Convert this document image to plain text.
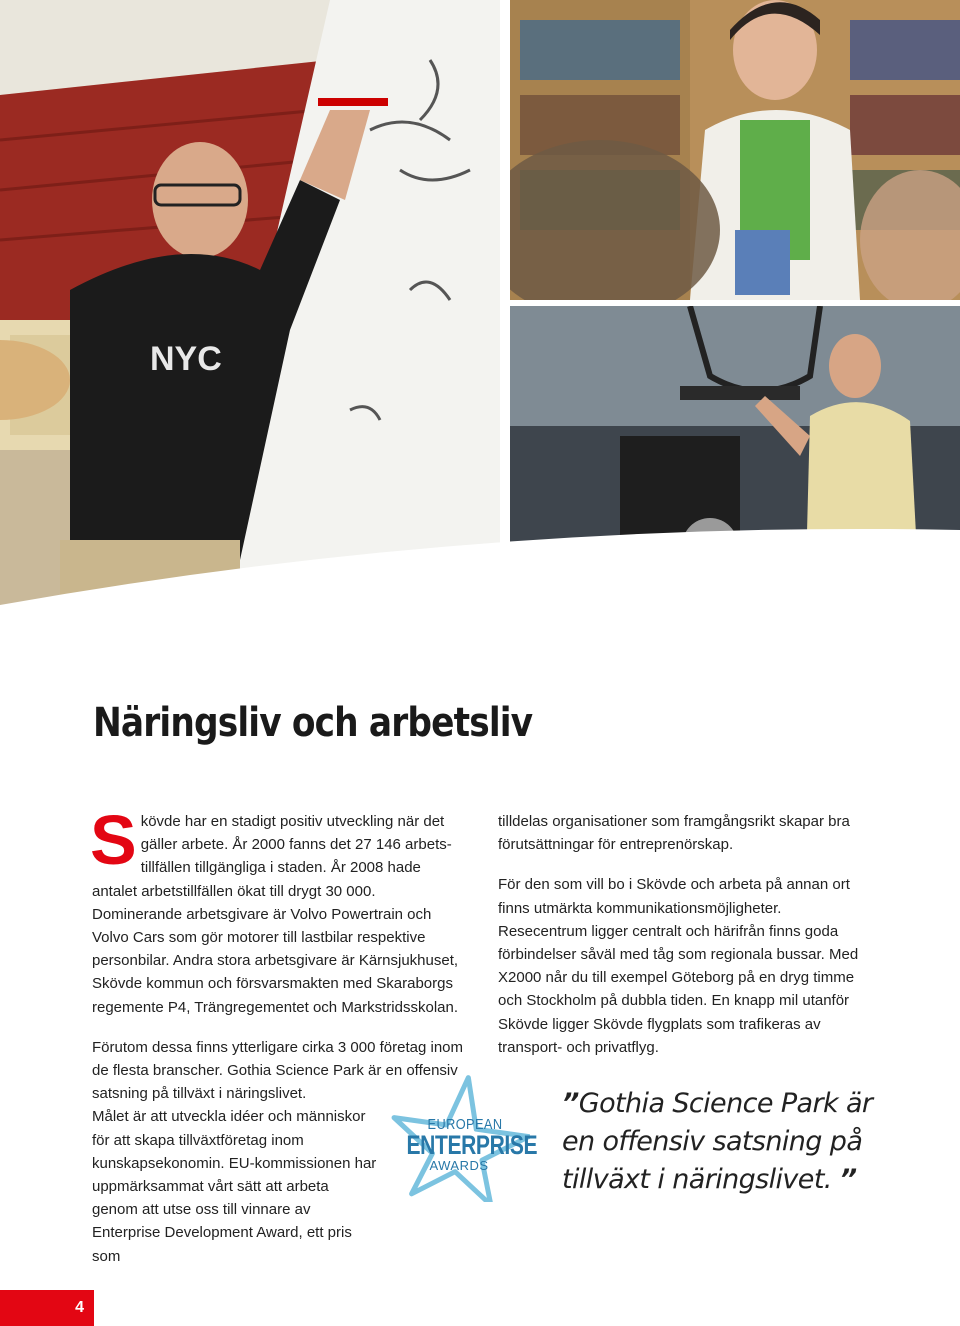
NYC
Näringsliv och arbetsliv

Skövde har en stadigt positiv utveckling när det gäller arbete. År 2000 fanns det 27 146 arbets-tillfällen tillgängliga i staden. År 2008 hade antalet arbetstillfällen ökat till drygt 30 000. Dominerande arbetsgivare är Volvo Powertrain och Volvo Cars som gör motorer till lastbilar respektive personbilar. Andra stora arbetsgivare är Kärnsjukhuset, Skövde kommun och försvarsmakten med Skaraborgs regemente P4, Trängregementet och Markstridsskolan.

Förutom dessa finns ytterligare cirka 3 000 företag inom de flesta branscher. Gothia Science Park är en offensiv satsning på tillväxt i näringslivet.

Målet är att utveckla idéer och människor för att skapa tillväxtföretag inom kunskapsekonomin. EU-kommissionen har uppmärksammat vårt sätt att arbeta genom att utse oss till vinnare av Enterprise Development Award, ett pris som

tilldelas organisationer som framgångsrikt skapar bra förutsättningar för entreprenörskap.

För den som vill bo i Skövde och arbeta på annan ort finns utmärkta kommunikationsmöjligheter. Resecentrum ligger centralt och härifrån finns goda förbindelser såväl med tåg som regionala bussar. Med X2000 når du till exempel Göteborg på en dryg timme och Stockholm på dubbla tiden. En knapp mil utanför Skövde ligger Skövde flygplats som trafikeras av transport- och privatflyg.

EUROPEAN
ENTERPRISE
AWARDS
”Gothia Science Park är en offensiv satsning på tillväxt i näringslivet. ”
4
